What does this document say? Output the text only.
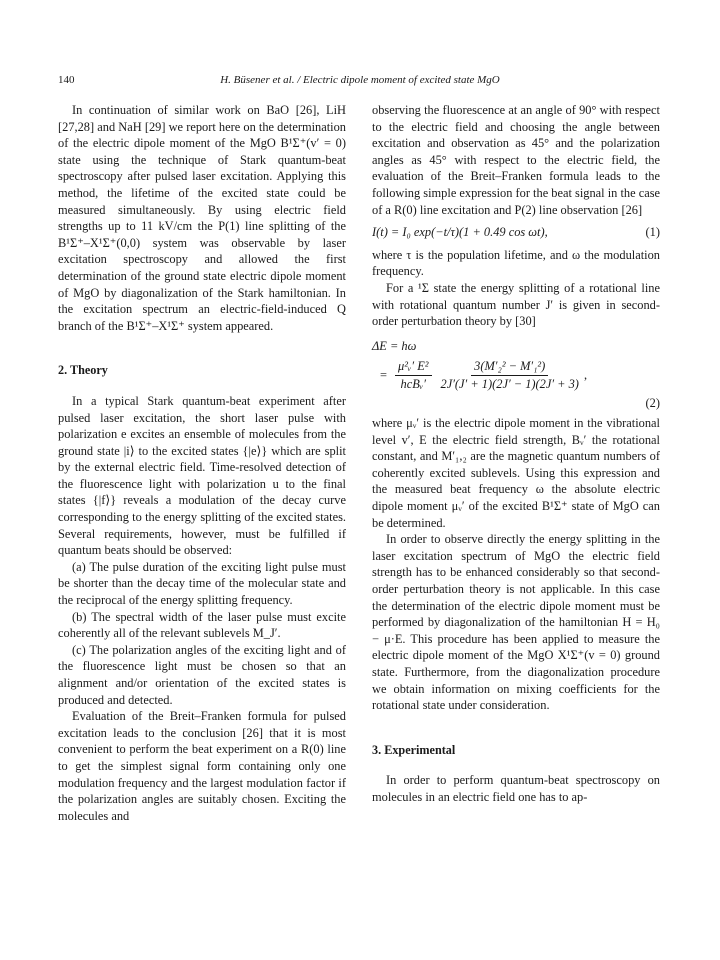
140	H. Büsener et al. / Electric dipole moment of excited state MgO

In continuation of similar work on BaO [26], LiH [27,28] and NaH [29] we report here on the determination of the electric dipole moment of the MgO B¹Σ⁺(v′ = 0) state using the technique of Stark quantum-beat spectroscopy after pulsed laser excitation. Applying this method, the lifetime of the excited state could be measured simultaneously. By using electric field strengths up to 11 kV/cm the P(1) line splitting of the B¹Σ⁺–X¹Σ⁺(0,0) system was observable by laser excitation spectroscopy and allowed the first determination of the ground state electric dipole moment of MgO by diagonalization of the Stark hamiltonian. In the excitation spectrum an electric-field-induced Q branch of the B¹Σ⁺–X¹Σ⁺ system appeared.

2. Theory

In a typical Stark quantum-beat experiment after pulsed laser excitation, the short laser pulse with polarization e excites an ensemble of molecules from the ground state |i⟩ to the excited states {|e⟩} which are split by the external electric field. Time-resolved detection of the fluorescence light with polarization u to the final states {|f⟩} reveals a modulation of the decay curve corresponding to the energy splitting of the excited states. Several requirements, however, must be fulfilled if quantum beats should be observed:

(a) The pulse duration of the exciting light pulse must be shorter than the decay time of the molecular state and the reciprocal of the energy splitting frequency.

(b) The spectral width of the laser pulse must excite coherently all of the relevant sublevels M_J′.

(c) The polarization angles of the exciting light and of the fluorescence light must be chosen so that an alignment and/or orientation of the excited states is produced and detected.

Evaluation of the Breit–Franken formula for pulsed excitation leads to the conclusion [26] that it is most convenient to perform the beat experiment on a R(0) line to get the simplest signal form containing only one modulation frequency and the largest modulation factor if the polarization angles are suitably chosen. Exciting the molecules and

observing the fluorescence at an angle of 90° with respect to the electric field and choosing the angle between excitation and observation as 45° and the polarization angles as 45° with respect to the electric field, the evaluation of the Breit–Franken formula leads to the following simple expression for the beat signal in the case of a R(0) line excitation and P(2) line observation [26]

I(t) = I₀ exp(−t/τ)(1 + 0.49 cos ωt),	(1)

where τ is the population lifetime, and ω the modulation frequency.

For a ¹Σ state the energy splitting of a rotational line with rotational quantum number J′ is given in second-order perturbation theory by [30]

ΔE = hω
= $\frac{\text{μ²ᵥ′ E²}}{\text{hcBᵥ′}} \frac{\text{3(M′₂² − M′₁²)}}{2J'(J' + 1)(2J' - 1)(2J' + 3)}$ ,
(2)

where μᵥ′ is the electric dipole moment in the vibrational level v′, E the electric field strength, Bᵥ′ the rotational constant, and M′₁,₂ are the magnetic quantum numbers of coherently excited sublevels. Using this expression and the measured beat frequency ω the absolute electric dipole moment μᵥ′ of the excited B¹Σ⁺ state of MgO can be determined.

In order to observe directly the energy splitting in the laser excitation spectrum of MgO the electric field strength has to be enhanced considerably so that second-order perturbation theory is not applicable. In this case the determination of the electric dipole moment must be performed by diagonalization of the hamiltonian H = H₀ − μ·E. This procedure has been applied to measure the electric dipole moment of the MgO X¹Σ⁺(v = 0) ground state. Furthermore, from the diagonalization procedure we obtain information on mixing coefficients for the rotational state under consideration.

3. Experimental

In order to perform quantum-beat spectroscopy on molecules in an electric field one has to ap-
